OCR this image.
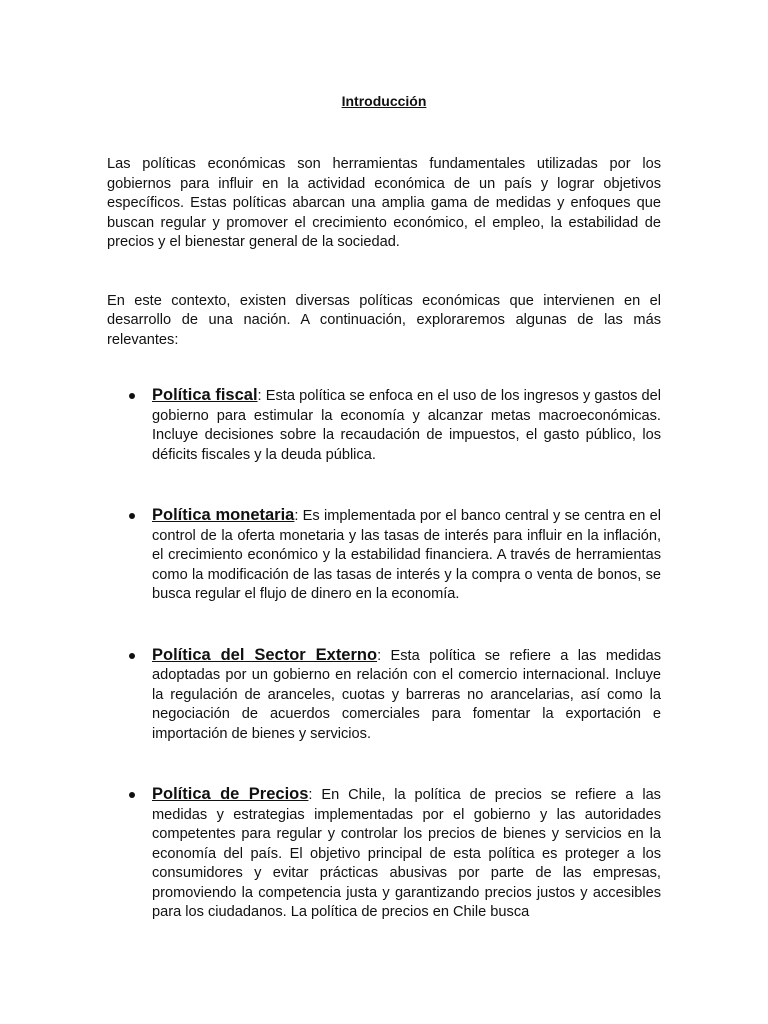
Introducción

Las políticas económicas son herramientas fundamentales utilizadas por los gobiernos para influir en la actividad económica de un país y lograr objetivos específicos. Estas políticas abarcan una amplia gama de medidas y enfoques que buscan regular y promover el crecimiento económico, el empleo, la estabilidad de precios y el bienestar general de la sociedad.

En este contexto, existen diversas políticas económicas que intervienen en el desarrollo de una nación. A continuación, exploraremos algunas de las más relevantes:

Política fiscal: Esta política se enfoca en el uso de los ingresos y gastos del gobierno para estimular la economía y alcanzar metas macroeconómicas. Incluye decisiones sobre la recaudación de impuestos, el gasto público, los déficits fiscales y la deuda pública.
Política monetaria: Es implementada por el banco central y se centra en el control de la oferta monetaria y las tasas de interés para influir en la inflación, el crecimiento económico y la estabilidad financiera. A través de herramientas como la modificación de las tasas de interés y la compra o venta de bonos, se busca regular el flujo de dinero en la economía.
Política del Sector Externo: Esta política se refiere a las medidas adoptadas por un gobierno en relación con el comercio internacional. Incluye la regulación de aranceles, cuotas y barreras no arancelarias, así como la negociación de acuerdos comerciales para fomentar la exportación e importación de bienes y servicios.
Política de Precios: En Chile, la política de precios se refiere a las medidas y estrategias implementadas por el gobierno y las autoridades competentes para regular y controlar los precios de bienes y servicios en la economía del país. El objetivo principal de esta política es proteger a los consumidores y evitar prácticas abusivas por parte de las empresas, promoviendo la competencia justa y garantizando precios justos y accesibles para los ciudadanos. La política de precios en Chile busca
